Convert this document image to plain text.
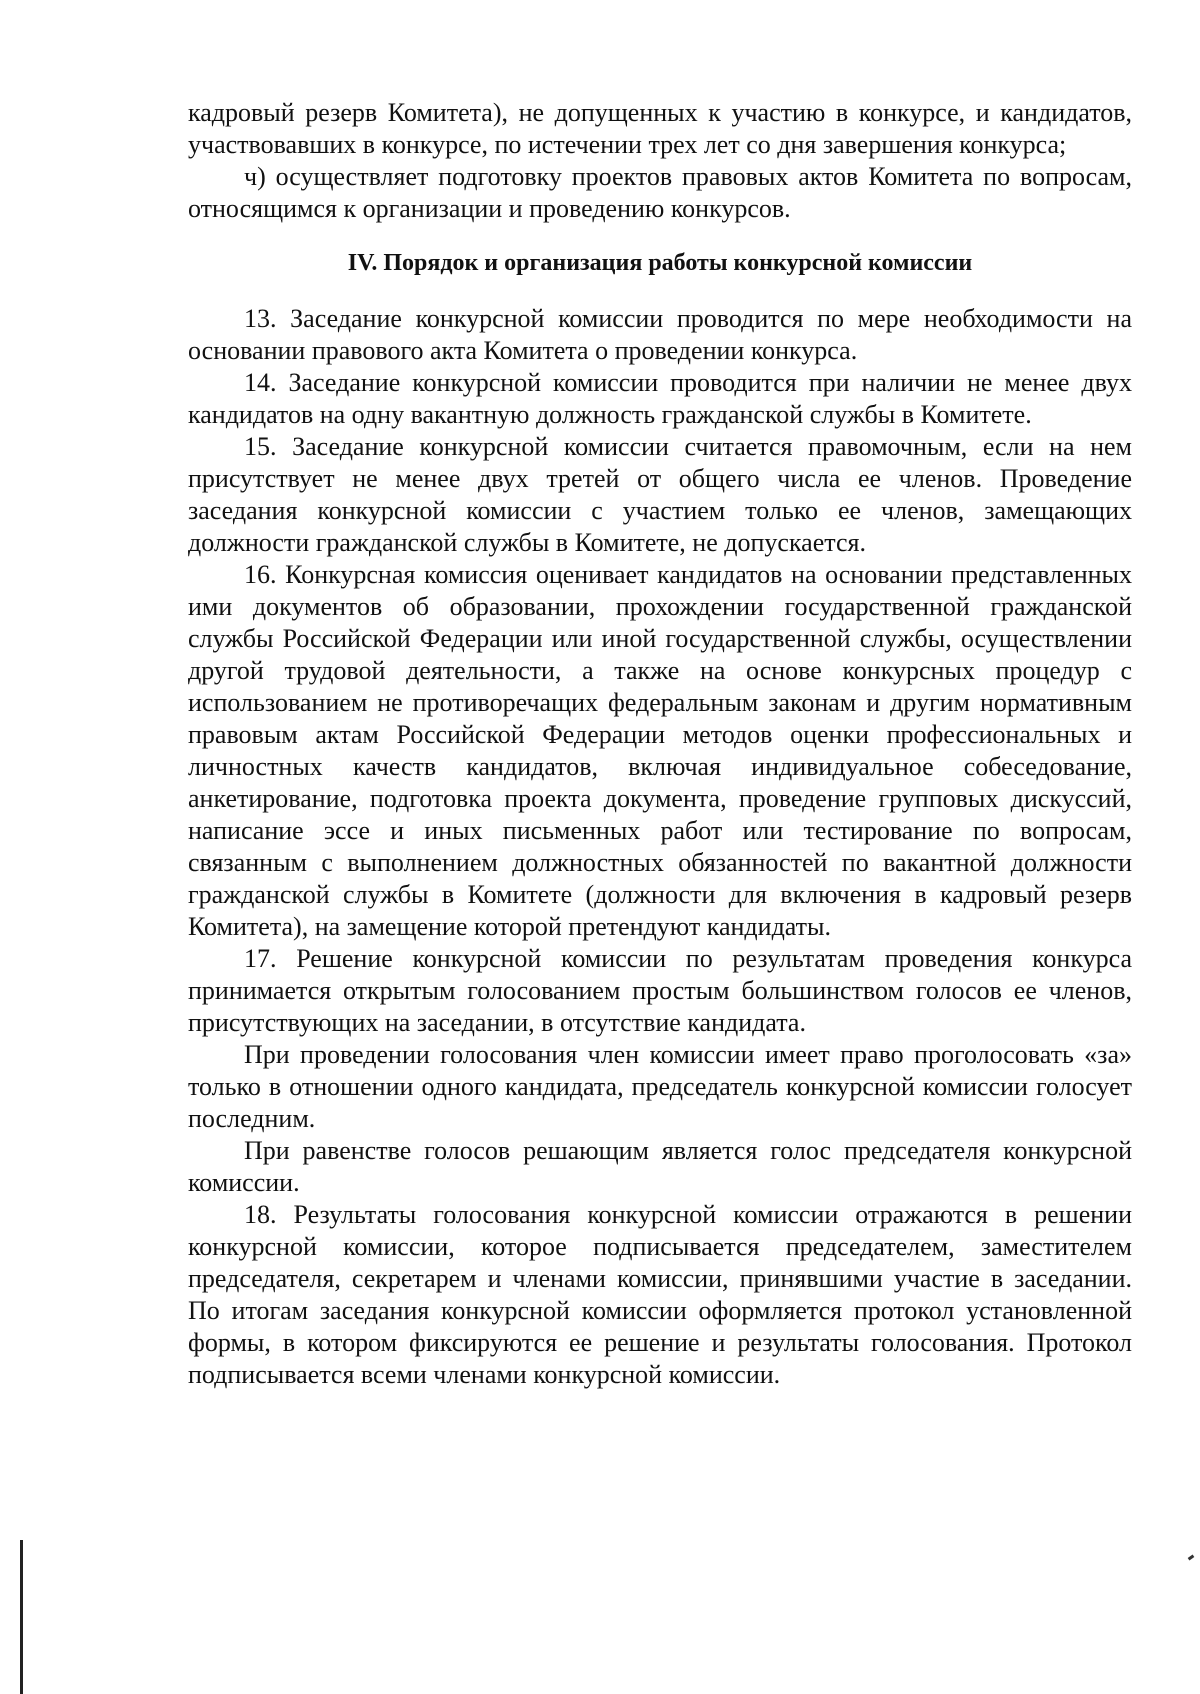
кадровый резерв Комитета), не допущенных к участию в конкурсе, и кандидатов, участвовавших в конкурсе, по истечении трех лет со дня завершения конкурса;

ч) осуществляет подготовку проектов правовых актов Комитета по вопросам, относящимся к организации и проведению конкурсов.

IV. Порядок и организация работы конкурсной комиссии

13. Заседание конкурсной комиссии проводится по мере необходимости на основании правового акта Комитета о проведении конкурса.

14. Заседание конкурсной комиссии проводится при наличии не менее двух кандидатов на одну вакантную должность гражданской службы в Комитете.

15. Заседание конкурсной комиссии считается правомочным, если на нем присутствует не менее двух третей от общего числа ее членов. Проведение заседания конкурсной комиссии с участием только ее членов, замещающих должности гражданской службы в Комитете, не допускается.

16. Конкурсная комиссия оценивает кандидатов на основании представленных ими документов об образовании, прохождении государственной гражданской службы Российской Федерации или иной государственной службы, осуществлении другой трудовой деятельности, а также на основе конкурсных процедур с использованием не противоречащих федеральным законам и другим нормативным правовым актам Российской Федерации методов оценки профессиональных и личностных качеств кандидатов, включая индивидуальное собеседование, анкетирование, подготовка проекта документа, проведение групповых дискуссий, написание эссе и иных письменных работ или тестирование по вопросам, связанным с выполнением должностных обязанностей по вакантной должности гражданской службы в Комитете (должности для включения в кадровый резерв Комитета), на замещение которой претендуют кандидаты.

17. Решение конкурсной комиссии по результатам проведения конкурса принимается открытым голосованием простым большинством голосов ее членов, присутствующих на заседании, в отсутствие кандидата.

При проведении голосования член комиссии имеет право проголосовать «за» только в отношении одного кандидата, председатель конкурсной комиссии голосует последним.

При равенстве голосов решающим является голос председателя конкурсной комиссии.

18. Результаты голосования конкурсной комиссии отражаются в решении конкурсной комиссии, которое подписывается председателем, заместителем председателя, секретарем и членами комиссии, принявшими участие в заседании. По итогам заседания конкурсной комиссии оформляется протокол установленной формы, в котором фиксируются ее решение и результаты голосования. Протокол подписывается всеми членами конкурсной комиссии.
